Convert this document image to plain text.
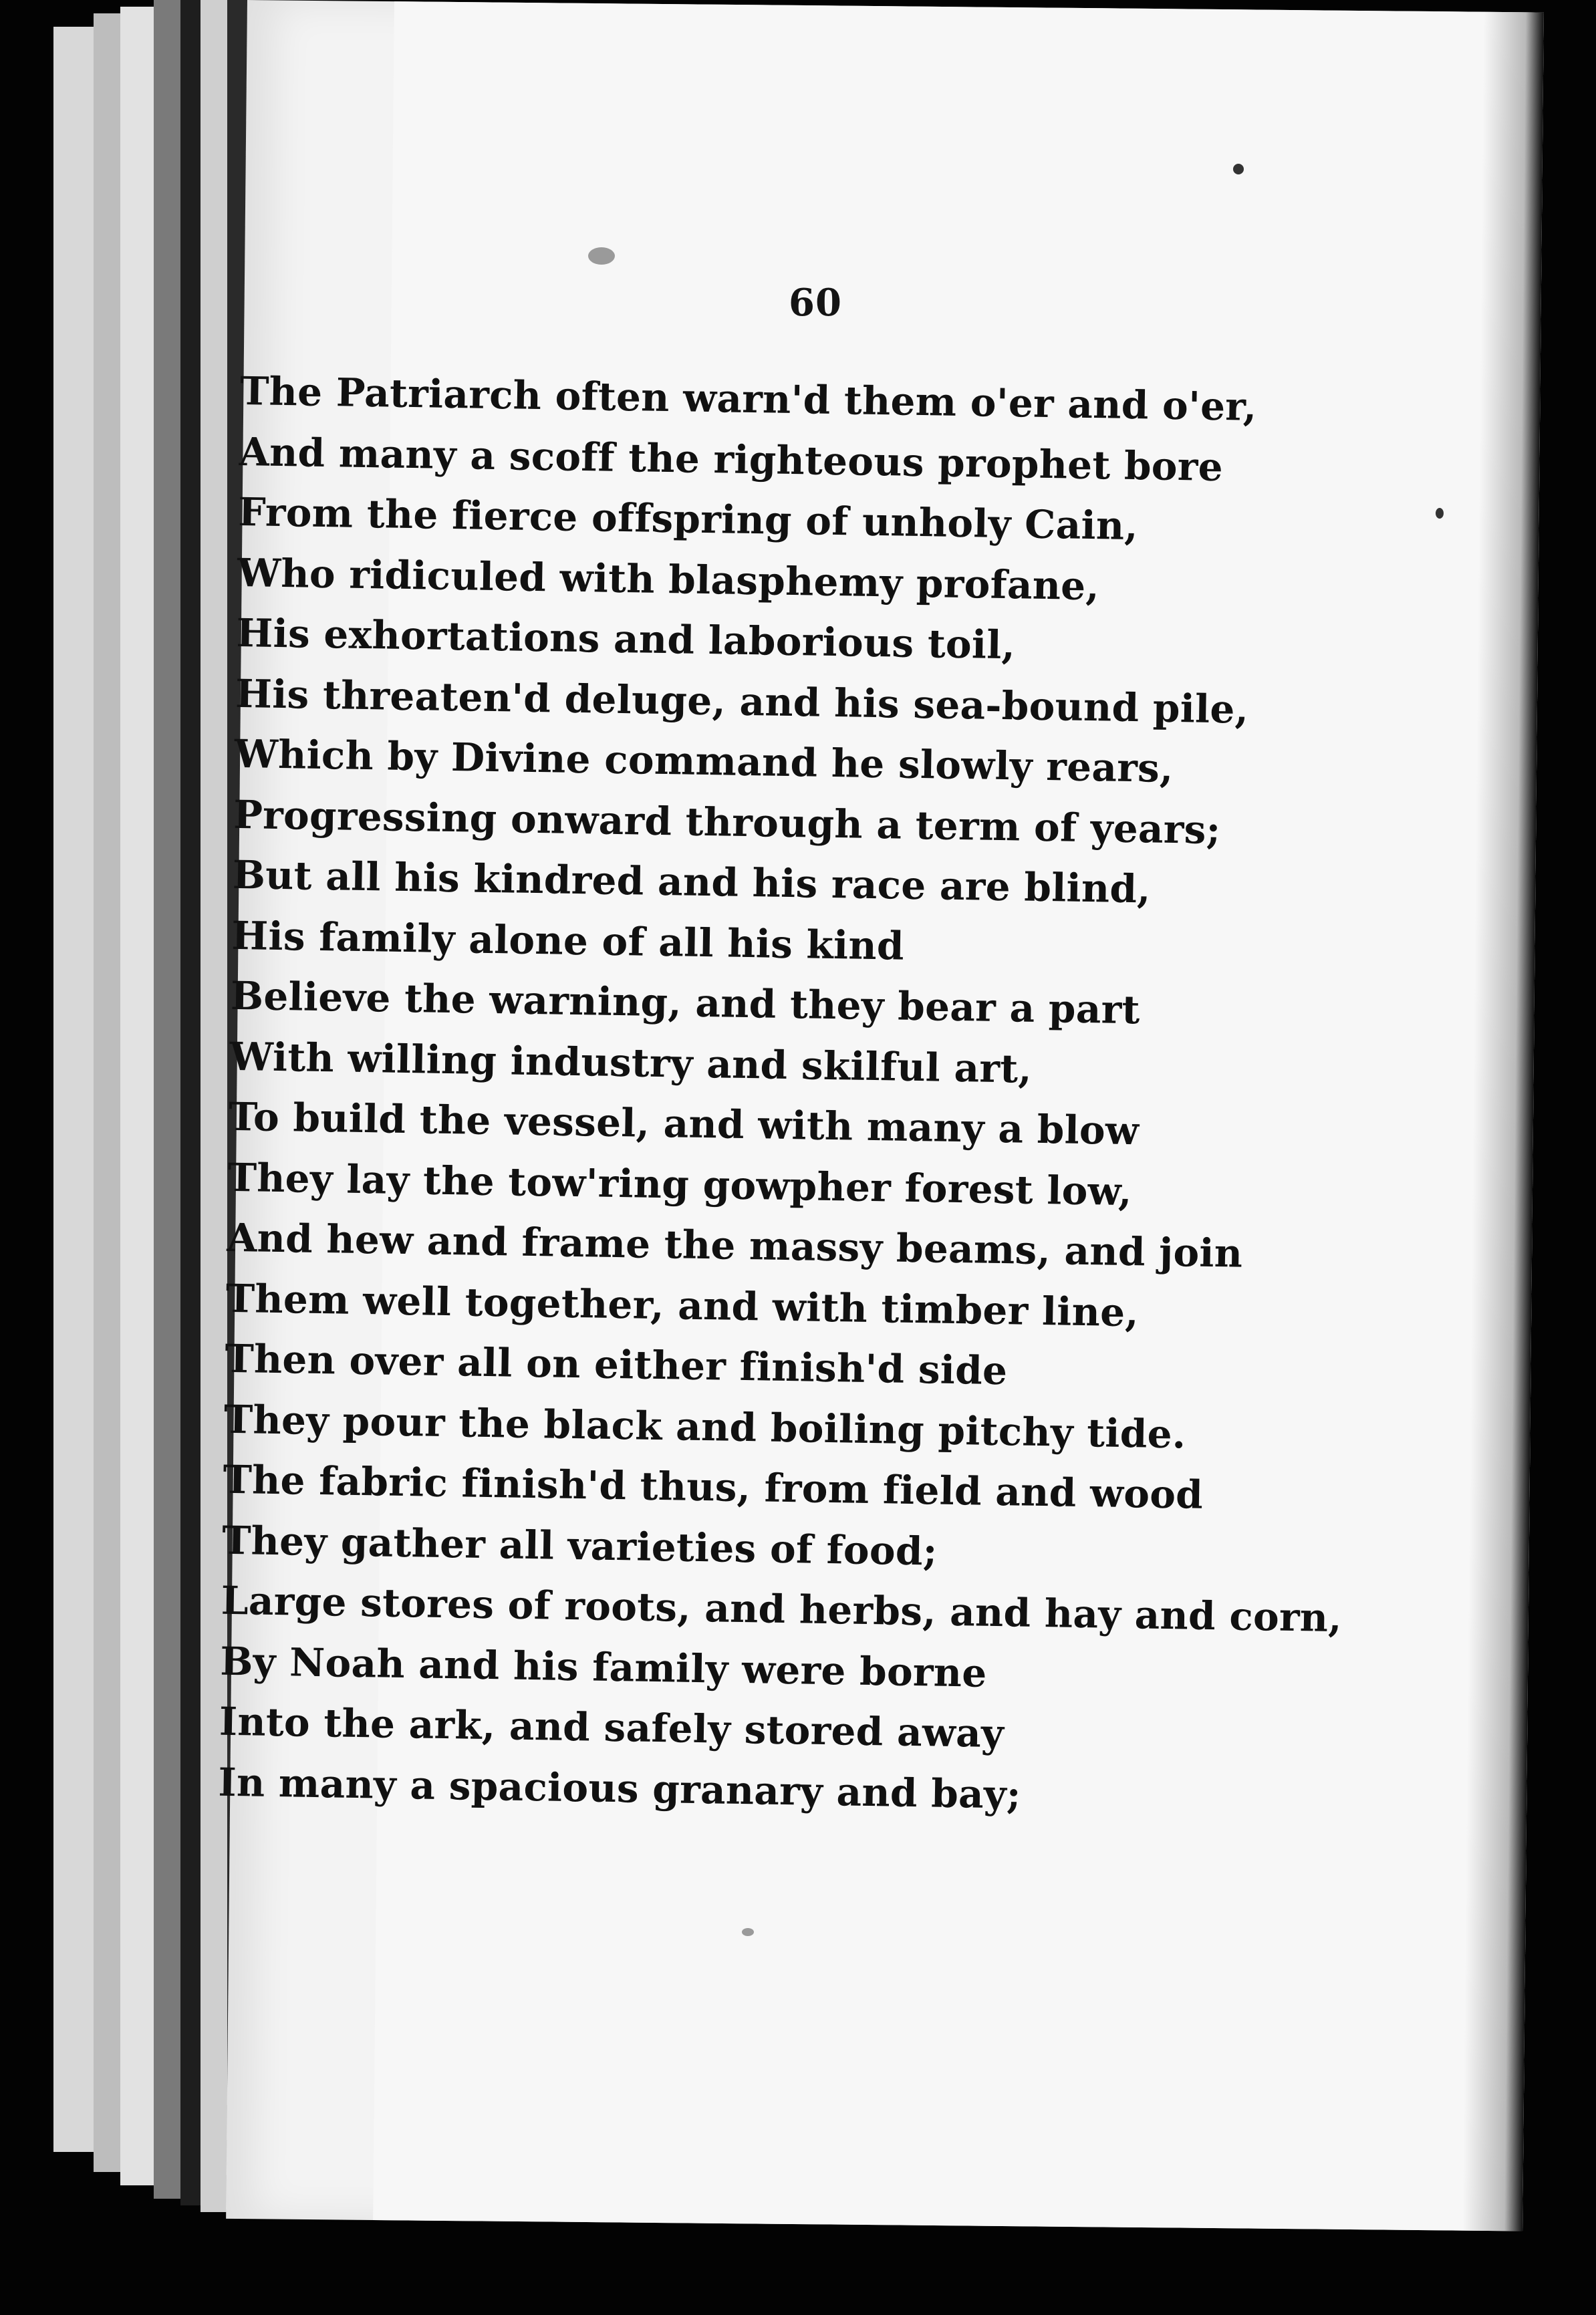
60
The Patriarch often warn'd them o'er and o'er,
And many a scoff the righteous prophet bore
From the fierce offspring of unholy Cain,
Who ridiculed with blasphemy profane,
His exhortations and laborious toil,
His threaten'd deluge, and his sea-bound pile,
Which by Divine command he slowly rears,
Progressing onward through a term of years;
But all his kindred and his race are blind,
His family alone of all his kind
Believe the warning, and they bear a part
With willing industry and skilful art,
To build the vessel, and with many a blow
They lay the tow'ring gowpher forest low,
And hew and frame the massy beams, and join
Them well together, and with timber line,
Then over all on either finish'd side
They pour the black and boiling pitchy tide.
The fabric finish'd thus, from field and wood
They gather all varieties of food;
Large stores of roots, and herbs, and hay and corn,
By Noah and his family were borne
Into the ark, and safely stored away
In many a spacious granary and bay;
